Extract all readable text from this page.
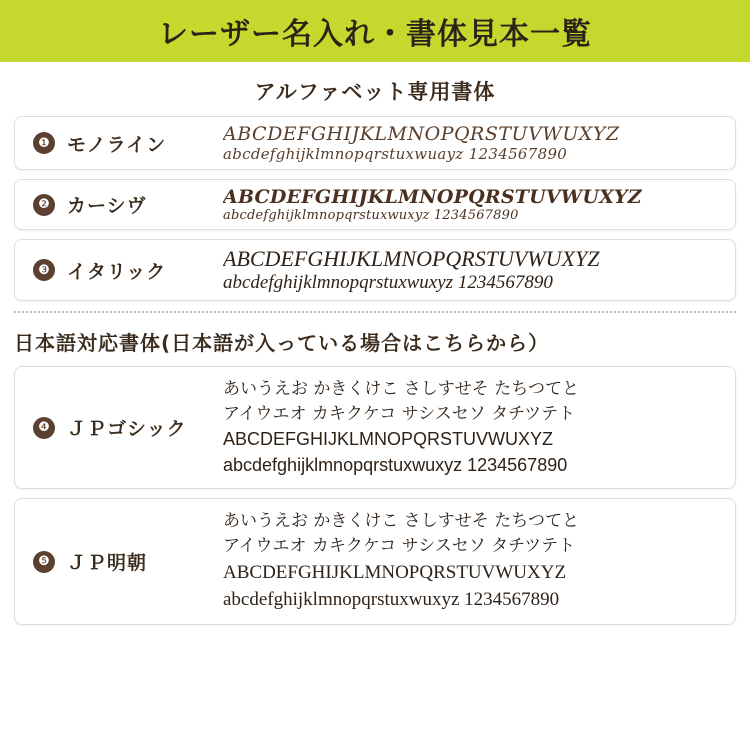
レーザー名入れ・書体見本一覧
アルファベット専用書体
❶ モノライン	ABCDEFGHIJKLMNOPQRSTUVWUXYZ
abcdefghijklmnopqrstuxwuayz 1234567890
❷ カーシヴ	ABCDEFGHIJKLMNOPQRSTUVWUXYZ
abcdefghijklmnopqrstuxwuxyz 1234567890
❸ イタリック
ABCDEFGHIJKLMNOPQRSTUVWUXYZ
abcdefghijklmnopqrstuxwuxyz 1234567890
日本語対応書体(日本語が入っている場合はこちらから）
❹ ＪＰゴシック
あいうえお かきくけこ さしすせそ たちつてと
アイウエオ カキクケコ サシスセソ タチツテト
ABCDEFGHIJKLMNOPQRSTUVWUXYZ
abcdefghijklmnopqrstuxwuxyz 1234567890
❺ ＪＰ明朝
あいうえお かきくけこ さしすせそ たちつてと
アイウエオ カキクケコ サシスセソ タチツテト
ABCDEFGHIJKLMNOPQRSTUVWUXYZ
abcdefghijklmnopqrstuxwuxyz 1234567890
